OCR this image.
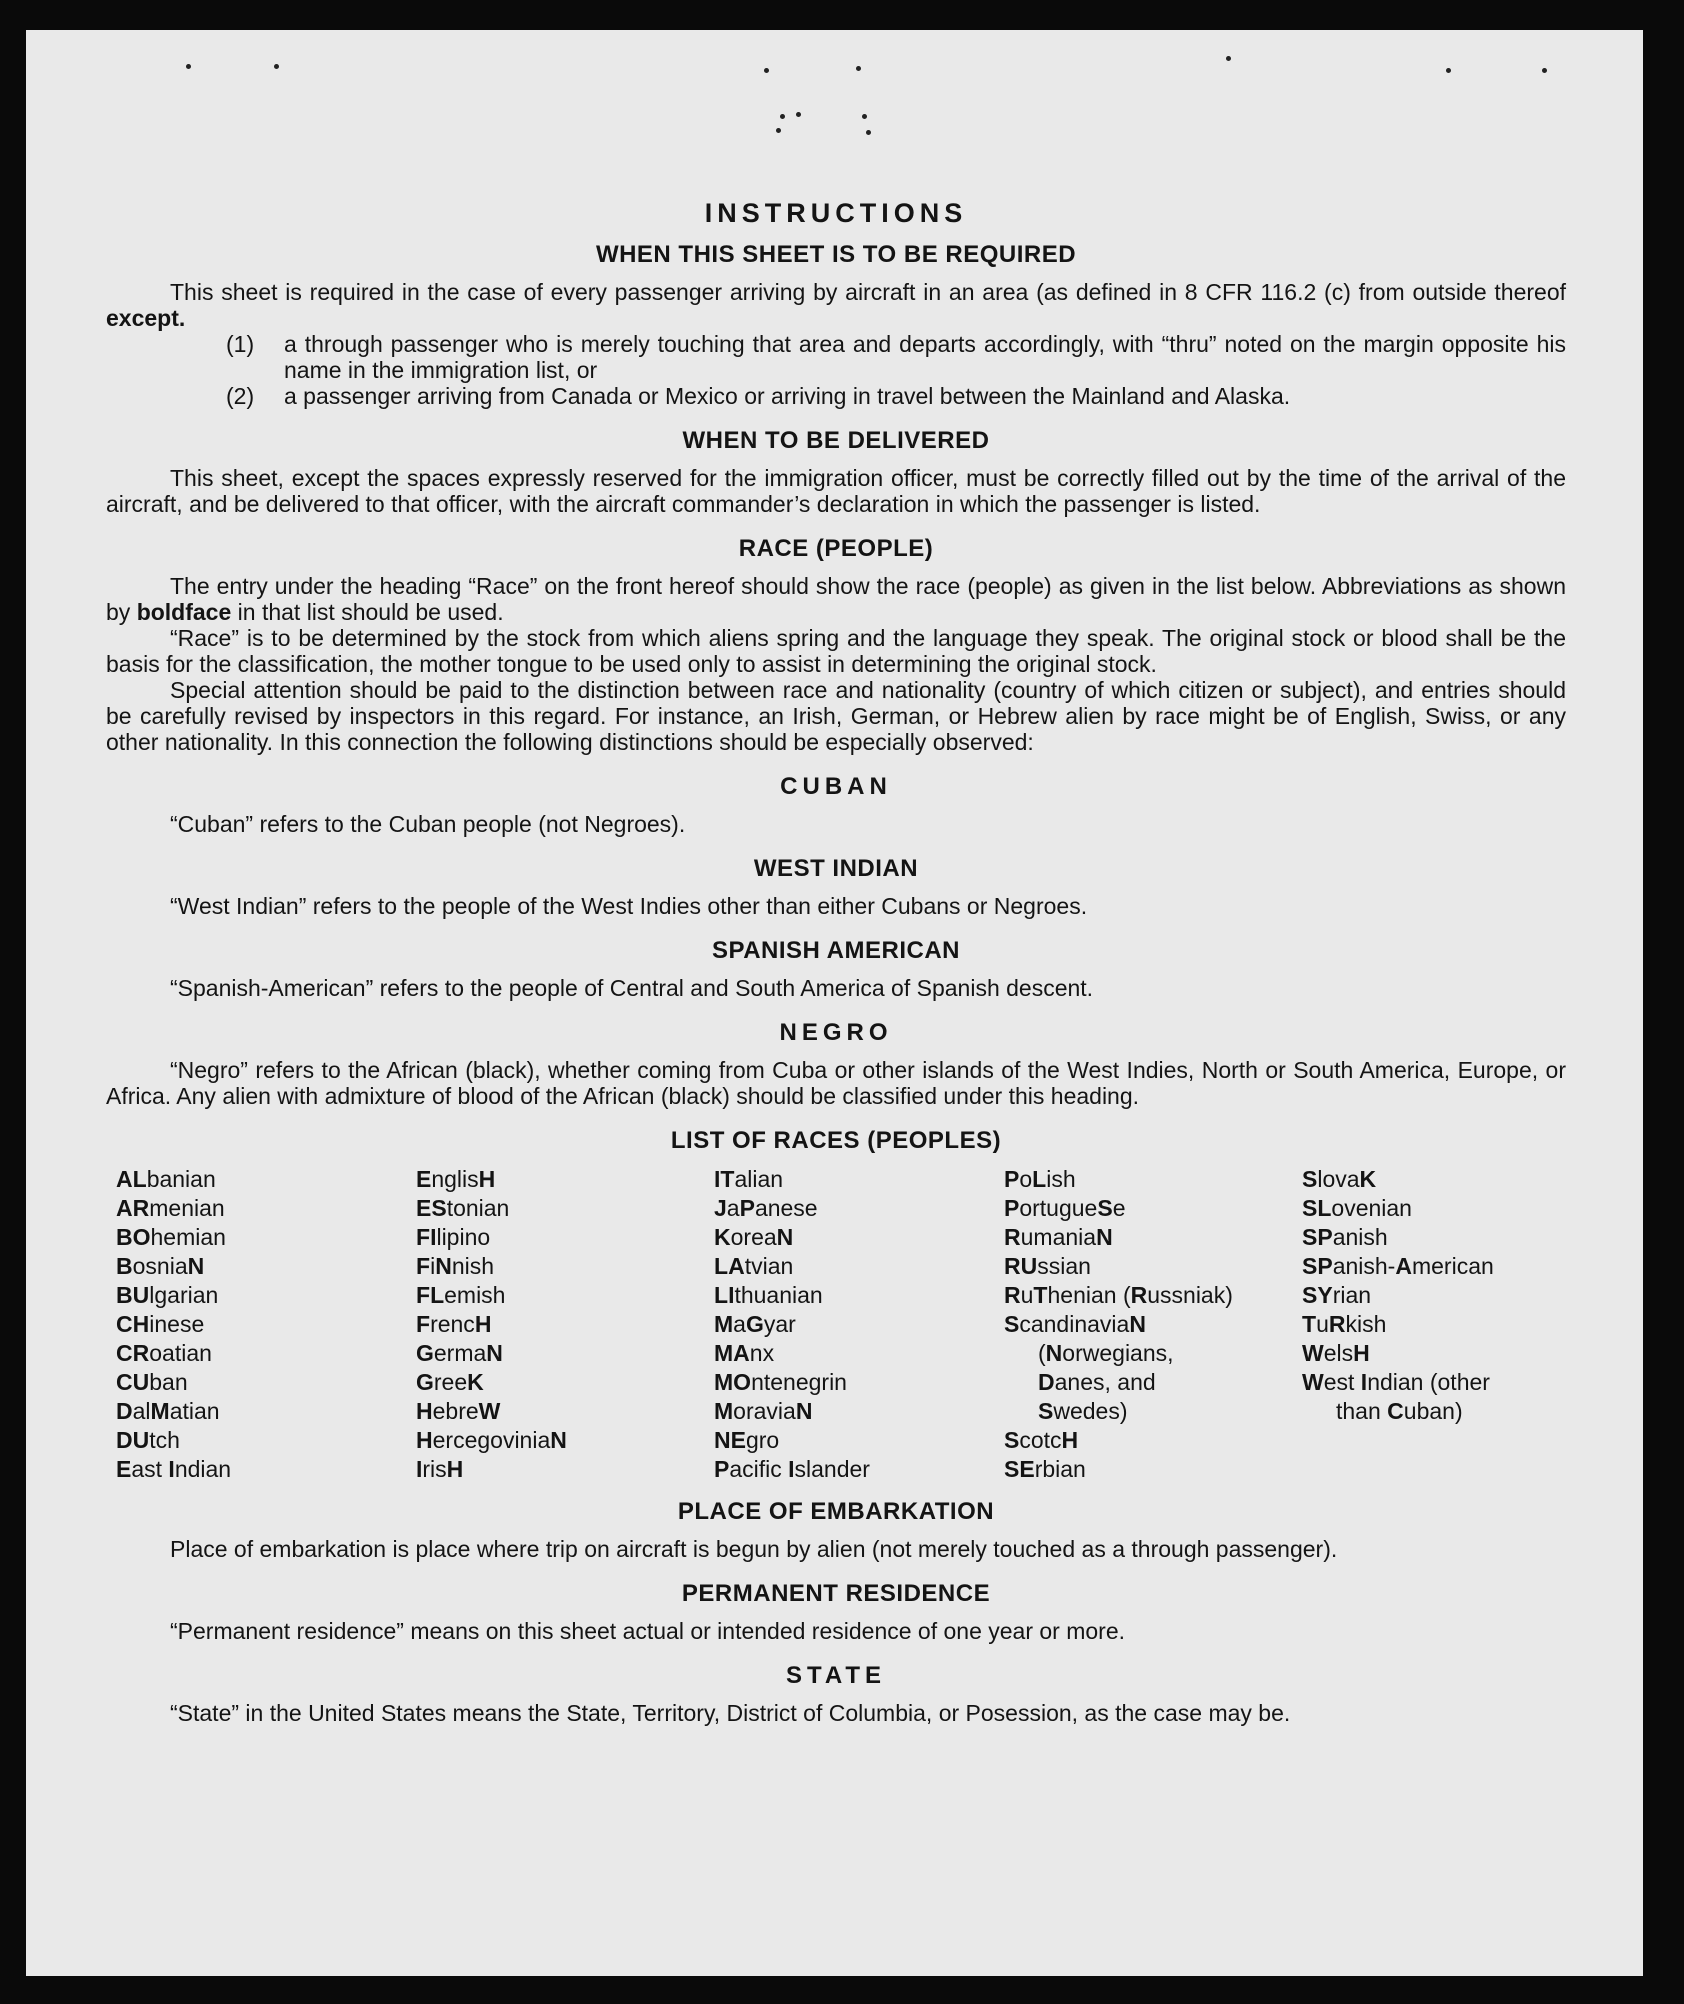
INSTRUCTIONS
WHEN THIS SHEET IS TO BE REQUIRED

This sheet is required in the case of every passenger arriving by aircraft in an area (as defined in 8 CFR 116.2 (c) from outside thereof except.

(1)	a through passenger who is merely touching that area and departs accordingly, with “thru” noted on the margin opposite his name in the immigration list, or
(2)	a passenger arriving from Canada or Mexico or arriving in travel between the Mainland and Alaska.
WHEN TO BE DELIVERED

This sheet, except the spaces expressly reserved for the immigration officer, must be correctly filled out by the time of the arrival of the aircraft, and be delivered to that officer, with the aircraft commander’s declaration in which the passenger is listed.

RACE (PEOPLE)

The entry under the heading “Race” on the front hereof should show the race (people) as given in the list below. Abbreviations as shown by boldface in that list should be used.

“Race” is to be determined by the stock from which aliens spring and the language they speak. The original stock or blood shall be the basis for the classification, the mother tongue to be used only to assist in determining the original stock.

Special attention should be paid to the distinction between race and nationality (country of which citizen or subject), and entries should be carefully revised by inspectors in this regard. For instance, an Irish, German, or Hebrew alien by race might be of English, Swiss, or any other nationality. In this connection the following distinctions should be especially observed:

CUBAN

“Cuban” refers to the Cuban people (not Negroes).

WEST INDIAN

“West Indian” refers to the people of the West Indies other than either Cubans or Negroes.

SPANISH AMERICAN

“Spanish-American” refers to the people of Central and South America of Spanish descent.

NEGRO

“Negro” refers to the African (black), whether coming from Cuba or other islands of the West Indies, North or South America, Europe, or Africa. Any alien with admixture of blood of the African (black) should be classified under this heading.

LIST OF RACES (PEOPLES)
ALbanian
ARmenian
BOhemian
BosniaN
BUlgarian
CHinese
CRoatian
CUban
DalMatian
DUtch
East Indian
EnglisH
EStonian
FIlipino
FiNnish
FLemish
FrencH
GermaN
GreeK
HebreW
HercegoviniaN
IrisH
ITalian
JaPanese
KoreaN
LAtvian
LIthuanian
MaGyar
MAnx
MOntenegrin
MoraviaN
NEgro
Pacific Islander
PoLish
PortugueSe
RumaniaN
RUssian
RuThenian (Russniak)
ScandinaviaN
(Norwegians,
Danes, and
Swedes)
ScotcH
SErbian
SlovaK
SLovenian
SPanish
SPanish-American
SYrian
TuRkish
WelsH
West Indian (other
than Cuban)
PLACE OF EMBARKATION

Place of embarkation is place where trip on aircraft is begun by alien (not merely touched as a through passenger).

PERMANENT RESIDENCE

“Permanent residence” means on this sheet actual or intended residence of one year or more.

STATE

“State” in the United States means the State, Territory, District of Columbia, or Posession, as the case may be.
